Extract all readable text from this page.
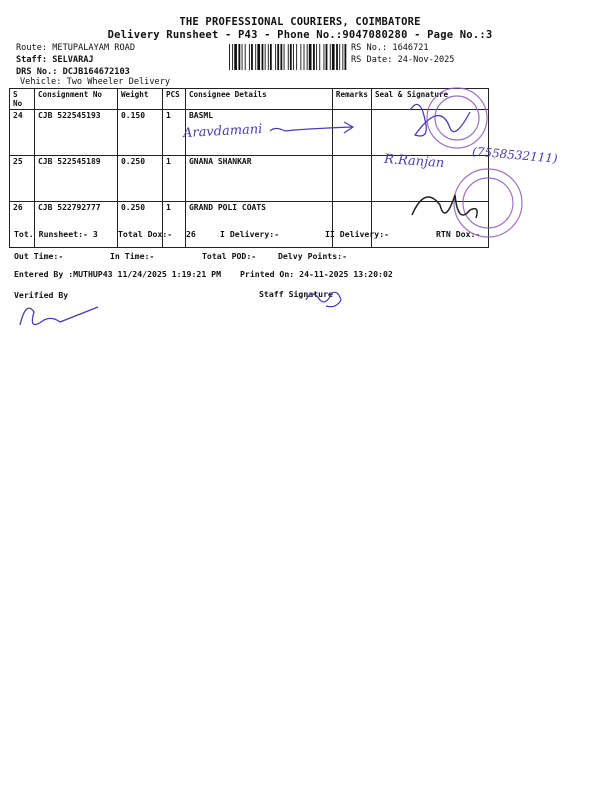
THE PROFESSIONAL COURIERS, COIMBATORE
Delivery Runsheet - P43 - Phone No.:9047080280 - Page No.:3
Route: METUPALAYAM ROAD
Staff: SELVARAJ
DRS No.: DCJB164672103
Vehicle: Two Wheeler Delivery
RS No.: 1646721
RS Date: 24-Nov-2025
S No	Consignment No	Weight	PCS	Consignee Details	Remarks	Seal & Signature
24	CJB 522545193	0.150	1	BASML		
25	CJB 522545189	0.250	1	GNANA SHANKAR		
26	CJB 522792777	0.250	1	GRAND POLI COATS		
Tot. Runsheet:- 3 Total Dox:- 26	I Delivery:-	II Delivery:-	RTN Dox:-
Out Time:-	In Time:-	Total POD:-	Delvy Points:-
Entered By :MUTHUP43 11/24/2025 1:19:21 PM Printed On: 24-11-2025 13:20:02
Verified By	Staff Signature
Aravdamani
R.Ranjan (7558532111)
